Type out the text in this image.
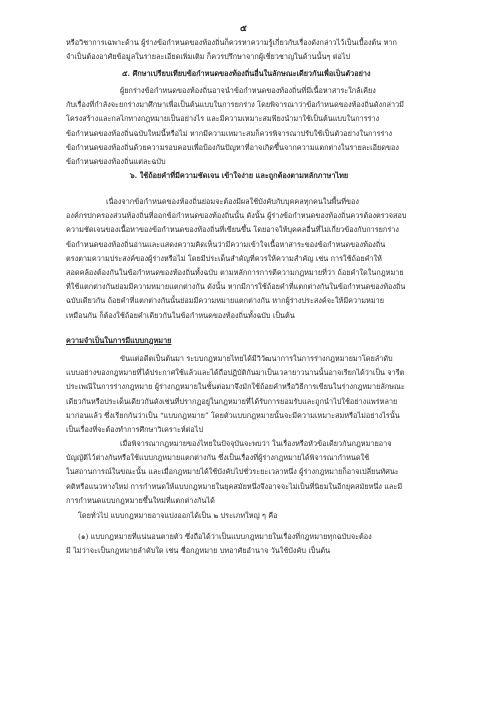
๕
หรือวิชาการเฉพาะด้าน ผู้ร่างข้อกำหนดของท้องถิ่นก็ควรหาความรู้เกี่ยวกับเรื่องดังกล่าวไว้เป็นเบื้องต้น หาก
จำเป็นต้องอาศัยข้อมูลในรายละเอียดเพิ่มเติม ก็ควรปรึกษาจากผู้เชี่ยวชาญในด้านนั้นๆ ต่อไป
๕. ศึกษาเปรียบเทียบข้อกำหนดของท้องถิ่นอื่นในลักษณะเดียวกันเพื่อเป็นตัวอย่าง
ผู้ยกร่างข้อกำหนดของท้องถิ่นอาจนำข้อกำหนดของท้องถิ่นที่มีเนื้อหาสาระใกล้เคียง
กับเรื่องที่กำลังจะยกร่างมาศึกษาเพื่อเป็นต้นแบบในการยกร่าง โดยพิจารณาว่าข้อกำหนดของท้องถิ่นดังกล่าวมี
โครงสร้างและกลไกทางกฎหมายเป็นอย่างไร และมีความเหมาะสมพียงนำมาใช้เป็นต้นแบบในการร่าง
ข้อกำหนดของท้องถิ่นฉบับใหม่นี้หรือไม่ หากมีความเหมาะสมก็ควรพิจารณาปรับใช้เป็นตัวอย่างในการร่าง
ข้อกำหนดของท้องถิ่นด้วยความรอบคอบเพื่อป้องกันปัญหาที่อาจเกิดขึ้นจากความแตกต่างในรายละเอียดของ
ข้อกำหนดของท้องถิ่นแต่ละฉบับ
๖. ใช้ถ้อยคำที่มีความชัดเจน เข้าใจง่าย และถูกต้องตามหลักภาษาไทย
เนื่องจากข้อกำหนดของท้องถิ่นย่อมจะต้องมีผลใช้บังคับกับบุคคลทุกคนในพื้นที่ของ
องค์กรปกครองส่วนท้องถิ่นที่ออกข้อกำหนดของท้องถิ่นนั้น ดังนั้น ผู้ร่างข้อกำหนดของท้องถิ่นควรต้องตรวจสอบ
ความชัดเจนของเนื้อหาของข้อกำหนดของท้องถิ่นที่เขียนขึ้น โดยอาจให้บุคคลอื่นที่ไม่เกี่ยวข้องกับการยกร่าง
ข้อกำหนดของท้องถิ่นอ่านและแสดงความคิดเห็นว่ามีความเข้าใจเนื้อหาสาระของข้อกำหนดของท้องถิ่น
ตรงตามความประสงค์ของผู้ร่างหรือไม่ โดยมีประเด็นสำคัญที่ควรให้ความสำคัญ เช่น การใช้ถ้อยคำให้
สอดคล้องต้องกันในข้อกำหนดของท้องถิ่นทั้งฉบับ ตามหลักการการตีความกฎหมายที่ว่า ถ้อยคำใดในกฎหมาย
ที่ใช้แตกต่างกันย่อมมีความหมายแตกต่างกัน ดังนั้น หากมีการใช้ถ้อยคำที่แตกต่างกันในข้อกำหนดของท้องถิ่น
ฉบับเดียวกัน ถ้อยคำที่แตกต่างกันนั้นย่อมมีความหมายแตกต่างกัน หากผู้ร่างประสงค์จะให้มีความหมาย
เหมือนกัน ก็ต้องใช้ถ้อยคำเดียวกันในข้อกำหนดของท้องถิ่นทั้งฉบับ เป็นต้น
ความจำเป็นในการมีแบบกฎหมาย
ขันแต่อดีตเป็นต้นมา ระบบกฎหมายไทยได้มีวิวัฒนาการในการร่างกฎหมายมาโดยลำดับ
แบบอย่างของกฎหมายที่ได้ประกาศใช้แล้วและได้ถือปฏิบัติกันมาเป็นเวลายาวนานนั้นอาจเรียกได้ว่าเป็น จารีต
ประเพณีในการร่างกฎหมาย ผู้ร่างกฎหมายในชั้นต่อมาจึงมักใช้ถ้อยคำหรือวิธีการเขียนในร่างกฎหมายลักษณะ
เดียวกันหรือประเด็นเดียวกันดังเช่นที่ปรากฏอยู่ในกฎหมายที่ได้รับการยอมรับและถูกนำไปใช้อย่างแพร่หลาย
มาก่อนแล้ว ซึ่งเรียกกันว่าเป็น “แบบกฎหมาย” โดยตัวแบบกฎหมายนั้นจะมีความเหมาะสมหรือไม่อย่างไรนั้น
เป็นเรื่องที่จะต้องทำการศึกษาวิเคราะห์ต่อไป
เมื่อพิจารณากฎหมายของไทยในปัจจุบันจะพบว่า ในเรื่องหรือหัวข้อเดียวกันกฎหมายอาจ
บัญญัติไว้ต่างกันหรือใช้แบบกฎหมายแตกต่างกัน ซึ่งเป็นเรื่องที่ผู้ร่างกฎหมายได้พิจารณากำหนดใช้
ในสถานการณ์ในขณะนั้น และเมื่อกฎหมายได้ใช้บังคับไปชั่วระยะเวลาหนึ่ง ผู้ร่างกฎหมายก็อาจเปลี่ยนทัศนะ
คติหรือแนวทางใหม่ การกำหนดให้แบบกฎหมายในยุคสมัยหนึ่งจึงอาจจะไม่เป็นที่นิยมในอีกยุคสมัยหนึ่ง และมี
การกำหนดแบบกฎหมายขึ้นใหม่ที่แตกต่างกันได้
โดยทั่วไป แบบกฎหมายอาจแบ่งออกได้เป็น ๒ ประเภทใหญ่ ๆ คือ
(๑) แบบกฎหมายที่แน่นอนตายตัว ซึ่งถือได้ว่าเป็นแบบกฎหมายในเรื่องที่กฎหมายทุกฉบับจะต้อง
มี ไม่ว่าจะเป็นกฎหมายลำดับใด เช่น ชื่อกฎหมาย บทอาศัยอำนาจ วันใช้บังคับ เป็นต้น
